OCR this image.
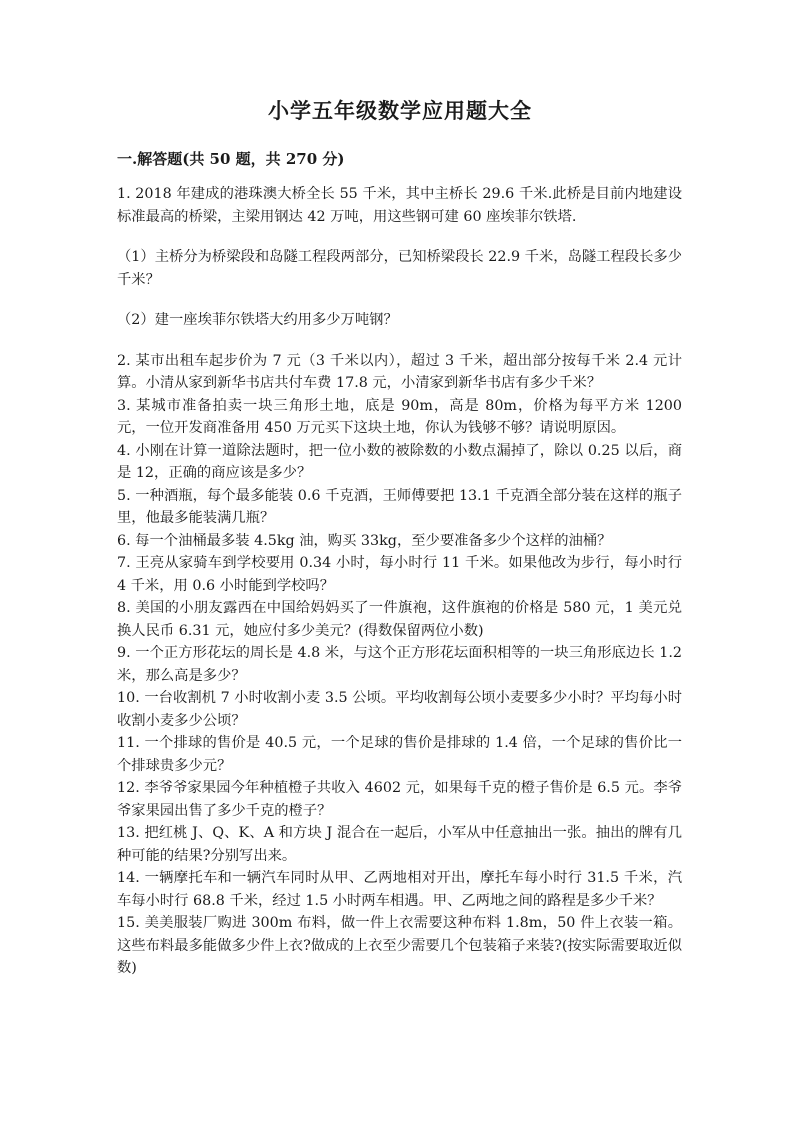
小学五年级数学应用题大全
一.解答题(共 50 题，共 270 分)

1. 2018 年建成的港珠澳大桥全长 55 千米，其中主桥长 29.6 千米.此桥是目前内地建设标准最高的桥梁，主梁用钢达 42 万吨，用这些钢可建 60 座埃菲尔铁塔.

（1）主桥分为桥梁段和岛隧工程段两部分，已知桥梁段长 22.9 千米，岛隧工程段长多少千米？

（2）建一座埃菲尔铁塔大约用多少万吨钢？

2. 某市出租车起步价为 7 元（3 千米以内），超过 3 千米，超出部分按每千米 2.4 元计算。小清从家到新华书店共付车费 17.8 元，小清家到新华书店有多少千米？

3. 某城市准备拍卖一块三角形土地，底是 90m，高是 80m，价格为每平方米 1200 元，一位开发商准备用 450 万元买下这块土地，你认为钱够不够？请说明原因。

4. 小刚在计算一道除法题时，把一位小数的被除数的小数点漏掉了，除以 0.25 以后，商是 12，正确的商应该是多少？

5. 一种酒瓶，每个最多能装 0.6 千克酒，王师傅要把 13.1 千克酒全部分装在这样的瓶子里，他最多能装满几瓶？

6. 每一个油桶最多装 4.5kg 油，购买 33kg，至少要准备多少个这样的油桶？

7. 王亮从家骑车到学校要用 0.34 小时，每小时行 11 千米。如果他改为步行，每小时行 4 千米，用 0.6 小时能到学校吗？

8. 美国的小朋友露西在中国给妈妈买了一件旗袍，这件旗袍的价格是 580 元，1 美元兑换人民币 6.31 元，她应付多少美元？(得数保留两位小数)

9. 一个正方形花坛的周长是 4.8 米，与这个正方形花坛面积相等的一块三角形底边长 1.2 米，那么高是多少？

10. 一台收割机 7 小时收割小麦 3.5 公顷。平均收割每公顷小麦要多少小时？平均每小时收割小麦多少公顷？

11. 一个排球的售价是 40.5 元，一个足球的售价是排球的 1.4 倍，一个足球的售价比一个排球贵多少元？

12. 李爷爷家果园今年种植橙子共收入 4602 元，如果每千克的橙子售价是 6.5 元。李爷爷家果园出售了多少千克的橙子？

13. 把红桃 J、Q、K、A 和方块 J 混合在一起后，小军从中任意抽出一张。抽出的牌有几种可能的结果?分别写出来。

14. 一辆摩托车和一辆汽车同时从甲、乙两地相对开出，摩托车每小时行 31.5 千米，汽车每小时行 68.8 千米，经过 1.5 小时两车相遇。甲、乙两地之间的路程是多少千米？

15. 美美服装厂购进 300m 布料，做一件上衣需要这种布料 1.8m，50 件上衣装一箱。这些布料最多能做多少件上衣?做成的上衣至少需要几个包装箱子来装?(按实际需要取近似数)
